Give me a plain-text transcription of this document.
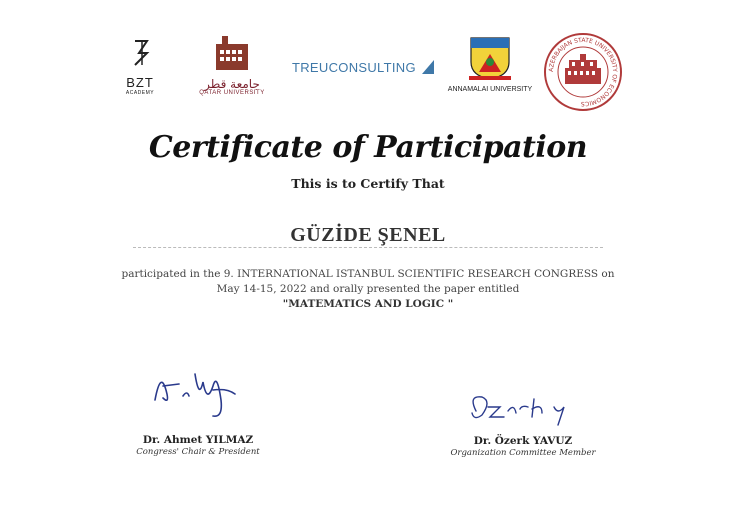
BZT
ACADEMY
جامعة قطر
QATAR UNIVERSITY
TREUCONSULTING
ANNAMALAI UNIVERSITY
AZERBAIJAN STATE UNIVERSITY OF ECONOMICS
Certificate of Participation
This is to Certify That
GÜZİDE ŞENEL
participated in the 9. INTERNATIONAL ISTANBUL SCIENTIFIC RESEARCH CONGRESS on
May 14-15, 2022 and orally presented the paper entitled
"MATEMATICS AND LOGIC "
Dr. Ahmet YILMAZ
Congress' Chair & President
Dr. Özerk YAVUZ
Organization Committee Member
